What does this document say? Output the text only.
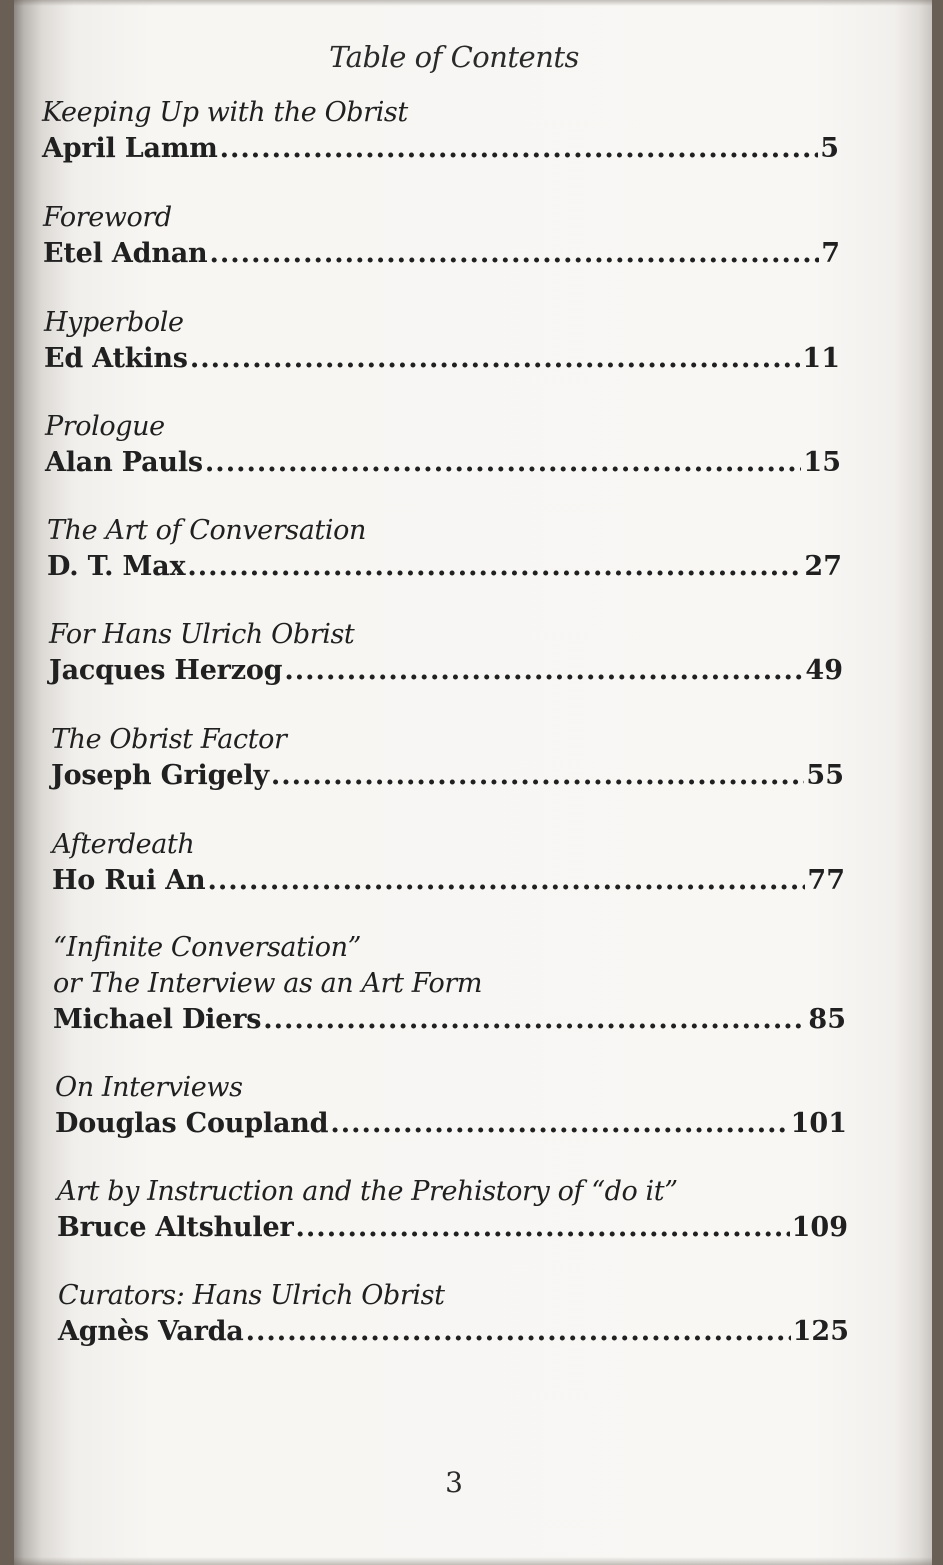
Table of Contents
Keeping Up with the Obrist
April Lamm .....	5
Foreword
Etel Adnan .....	7
Hyperbole
Ed Atkins .....	11
Prologue
Alan Pauls .....	15
The Art of Conversation
D. T. Max .....	27
For Hans Ulrich Obrist
Jacques Herzog .....	49
The Obrist Factor
Joseph Grigely .....	55
Afterdeath
Ho Rui An .....	77
“Infinite Conversation”
or The Interview as an Art Form
Michael Diers .....	85
On Interviews
Douglas Coupland .....	101
Art by Instruction and the Prehistory of “do it”
Bruce Altshuler .....	109
Curators: Hans Ulrich Obrist
Agnès Varda .....	125
3
